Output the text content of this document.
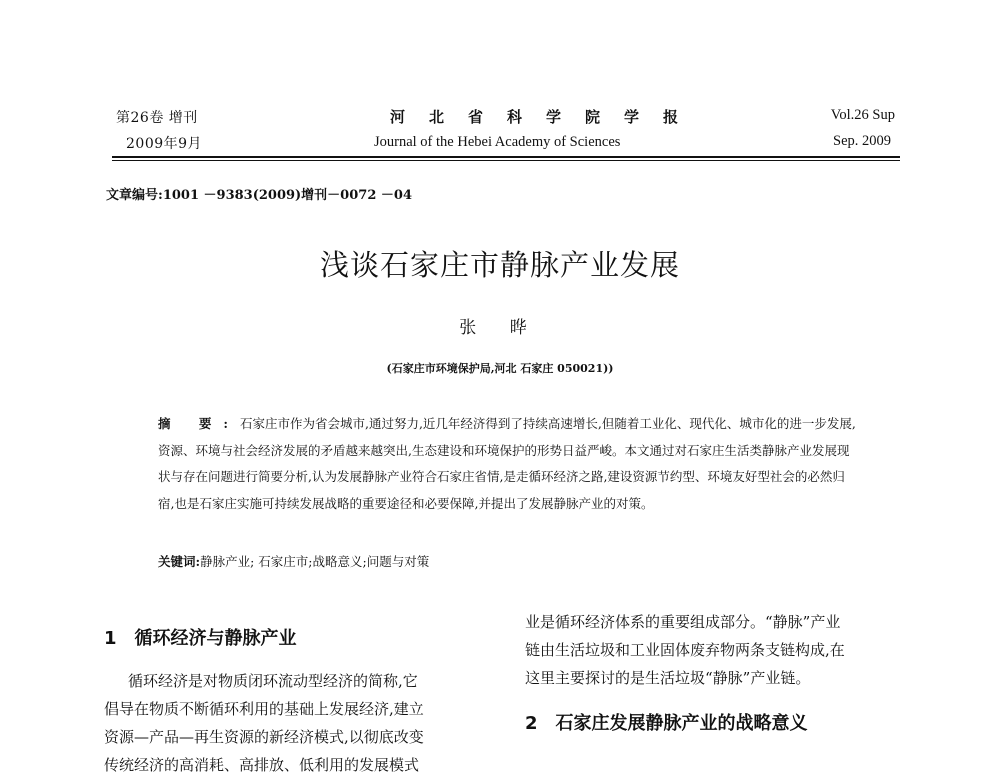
第26卷 增刊
2009年9月
河北省科学院学报
Journal of the Hebei Academy of Sciences
Vol.26 Sup
Sep. 2009
文章编号:1001 －9383(2009)增刊－0072 －04
浅谈石家庄市静脉产业发展
张 晔
(石家庄市环境保护局,河北 石家庄 050021))
摘 要:石家庄市作为省会城市,通过努力,近几年经济得到了持续高速增长,但随着工业化、现代化、城市化的进一步发展,资源、环境与社会经济发展的矛盾越来越突出,生态建设和环境保护的形势日益严峻。本文通过对石家庄生活类静脉产业发展现状与存在问题进行简要分析,认为发展静脉产业符合石家庄省情,是走循环经济之路,建设资源节约型、环境友好型社会的必然归宿,也是石家庄实施可持续发展战略的重要途径和必要保障,并提出了发展静脉产业的对策。
关键词:静脉产业; 石家庄市;战略意义;问题与对策
1 循环经济与静脉产业
循环经济是对物质闭环流动型经济的简称,它
倡导在物质不断循环利用的基础上发展经济,建立
资源—产品—再生资源的新经济模式,以彻底改变
传统经济的高消耗、高排放、低利用的发展模式
业是循环经济体系的重要组成部分。“静脉”产业
链由生活垃圾和工业固体废弃物两条支链构成,在
这里主要探讨的是生活垃圾“静脉”产业链。
2 石家庄发展静脉产业的战略意义
